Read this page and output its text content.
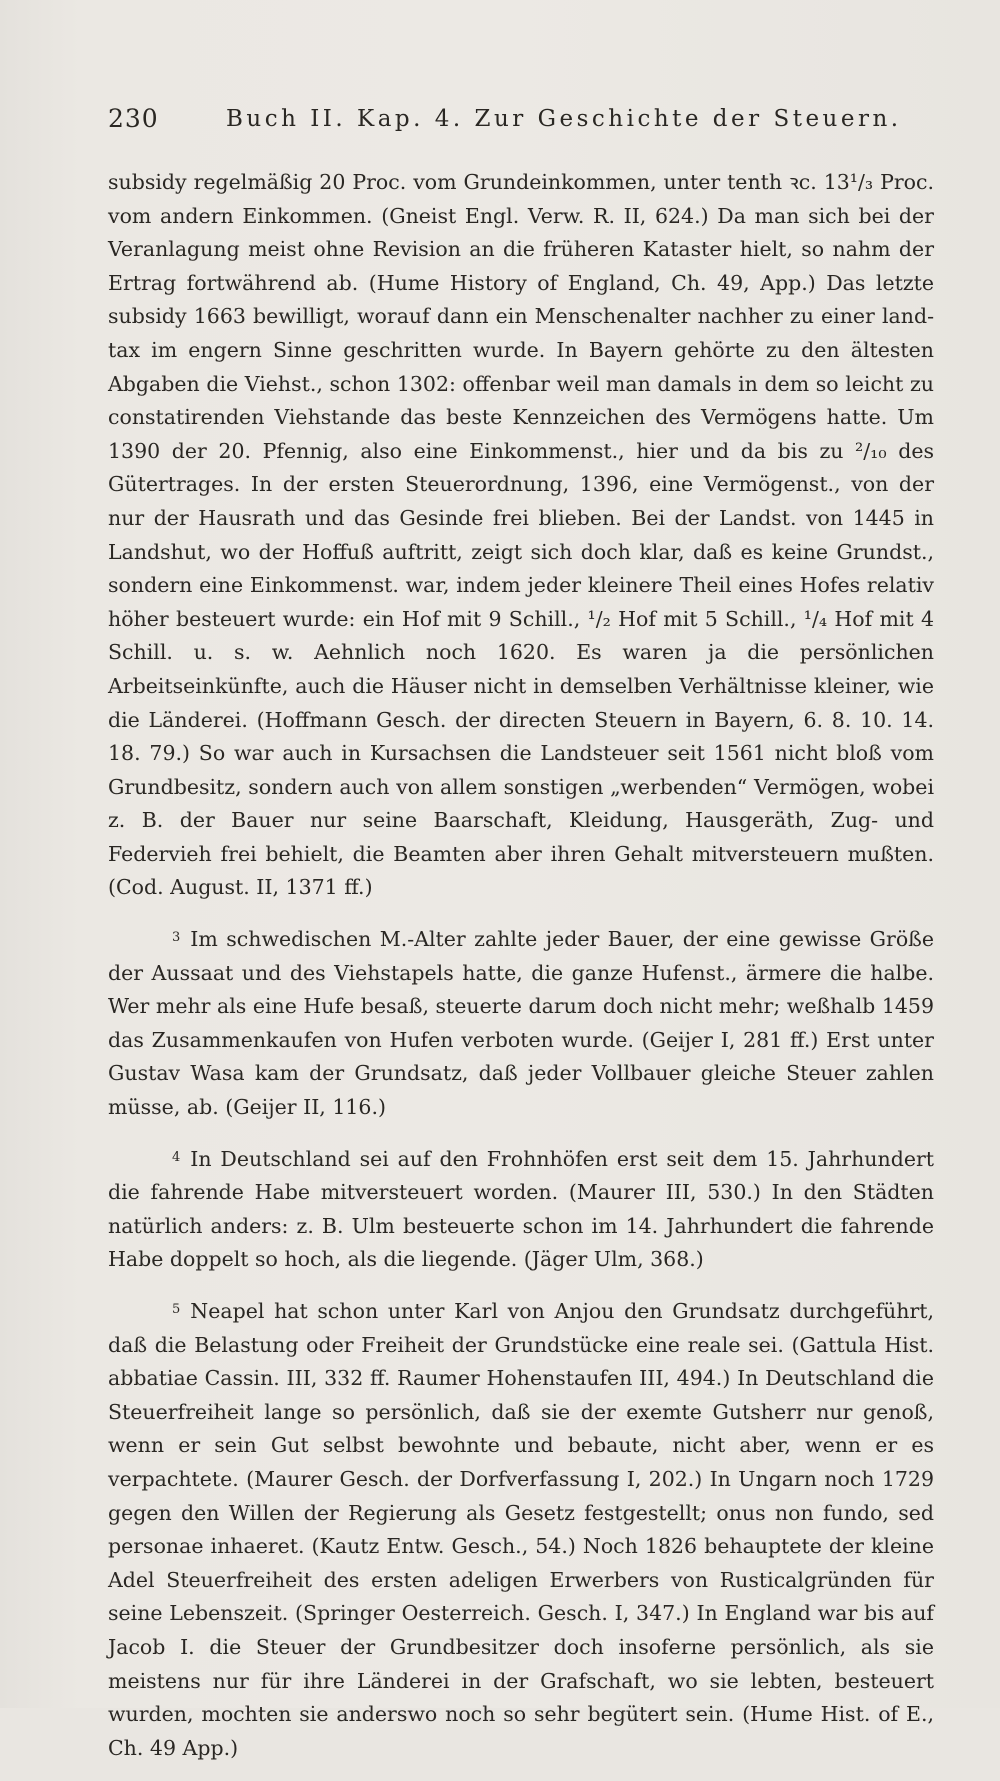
230	Buch II. Kap. 4. Zur Geschichte der Steuern.

subsidy regelmäßig 20 Proc. vom Grundeinkommen, unter tenth ꝛc. 13¹/₃ Proc. vom andern Einkommen. (Gneist Engl. Verw. R. II, 624.) Da man sich bei der Veranlagung meist ohne Revision an die früheren Kataster hielt, so nahm der Ertrag fortwährend ab. (Hume History of England, Ch. 49, App.) Das letzte subsidy 1663 bewilligt, worauf dann ein Menschenalter nachher zu einer land-tax im engern Sinne geschritten wurde. In Bayern gehörte zu den ältesten Abgaben die Viehst., schon 1302: offenbar weil man damals in dem so leicht zu constatirenden Viehstande das beste Kennzeichen des Vermögens hatte. Um 1390 der 20. Pfennig, also eine Einkommenst., hier und da bis zu ²/₁₀ des Gütertrages. In der ersten Steuerordnung, 1396, eine Vermögenst., von der nur der Hausrath und das Gesinde frei blieben. Bei der Landst. von 1445 in Landshut, wo der Hoffuß auftritt, zeigt sich doch klar, daß es keine Grundst., sondern eine Einkommenst. war, indem jeder kleinere Theil eines Hofes relativ höher besteuert wurde: ein Hof mit 9 Schill., ¹/₂ Hof mit 5 Schill., ¹/₄ Hof mit 4 Schill. u. s. w. Aehnlich noch 1620. Es waren ja die persönlichen Arbeitseinkünfte, auch die Häuser nicht in demselben Verhältnisse kleiner, wie die Länderei. (Hoffmann Gesch. der directen Steuern in Bayern, 6. 8. 10. 14. 18. 79.) So war auch in Kursachsen die Landsteuer seit 1561 nicht bloß vom Grundbesitz, sondern auch von allem sonstigen „werbenden“ Vermögen, wobei z. B. der Bauer nur seine Baarschaft, Kleidung, Hausgeräth, Zug- und Federvieh frei behielt, die Beamten aber ihren Gehalt mitversteuern mußten. (Cod. August. II, 1371 ff.)

$^3$ Im schwedischen M.-Alter zahlte jeder Bauer, der eine gewisse Größe der Aussaat und des Viehstapels hatte, die ganze Hufenst., ärmere die halbe. Wer mehr als eine Hufe besaß, steuerte darum doch nicht mehr; weßhalb 1459 das Zusammenkaufen von Hufen verboten wurde. (Geijer I, 281 ff.) Erst unter Gustav Wasa kam der Grundsatz, daß jeder Vollbauer gleiche Steuer zahlen müsse, ab. (Geijer II, 116.)

$^4$ In Deutschland sei auf den Frohnhöfen erst seit dem 15. Jahrhundert die fahrende Habe mitversteuert worden. (Maurer III, 530.) In den Städten natürlich anders: z. B. Ulm besteuerte schon im 14. Jahrhundert die fahrende Habe doppelt so hoch, als die liegende. (Jäger Ulm, 368.)

$^5$ Neapel hat schon unter Karl von Anjou den Grundsatz durchgeführt, daß die Belastung oder Freiheit der Grundstücke eine reale sei. (Gattula Hist. abbatiae Cassin. III, 332 ff. Raumer Hohenstaufen III, 494.) In Deutschland die Steuerfreiheit lange so persönlich, daß sie der exemte Gutsherr nur genoß, wenn er sein Gut selbst bewohnte und bebaute, nicht aber, wenn er es verpachtete. (Maurer Gesch. der Dorfverfassung I, 202.) In Ungarn noch 1729 gegen den Willen der Regierung als Gesetz festgestellt; onus non fundo, sed personae inhaeret. (Kautz Entw. Gesch., 54.) Noch 1826 behauptete der kleine Adel Steuerfreiheit des ersten adeligen Erwerbers von Rusticalgründen für seine Lebenszeit. (Springer Oesterreich. Gesch. I, 347.) In England war bis auf Jacob I. die Steuer der Grundbesitzer doch insoferne persönlich, als sie meistens nur für ihre Länderei in der Grafschaft, wo sie lebten, besteuert wurden, mochten sie anderswo noch so sehr begütert sein. (Hume Hist. of E., Ch. 49 App.)
